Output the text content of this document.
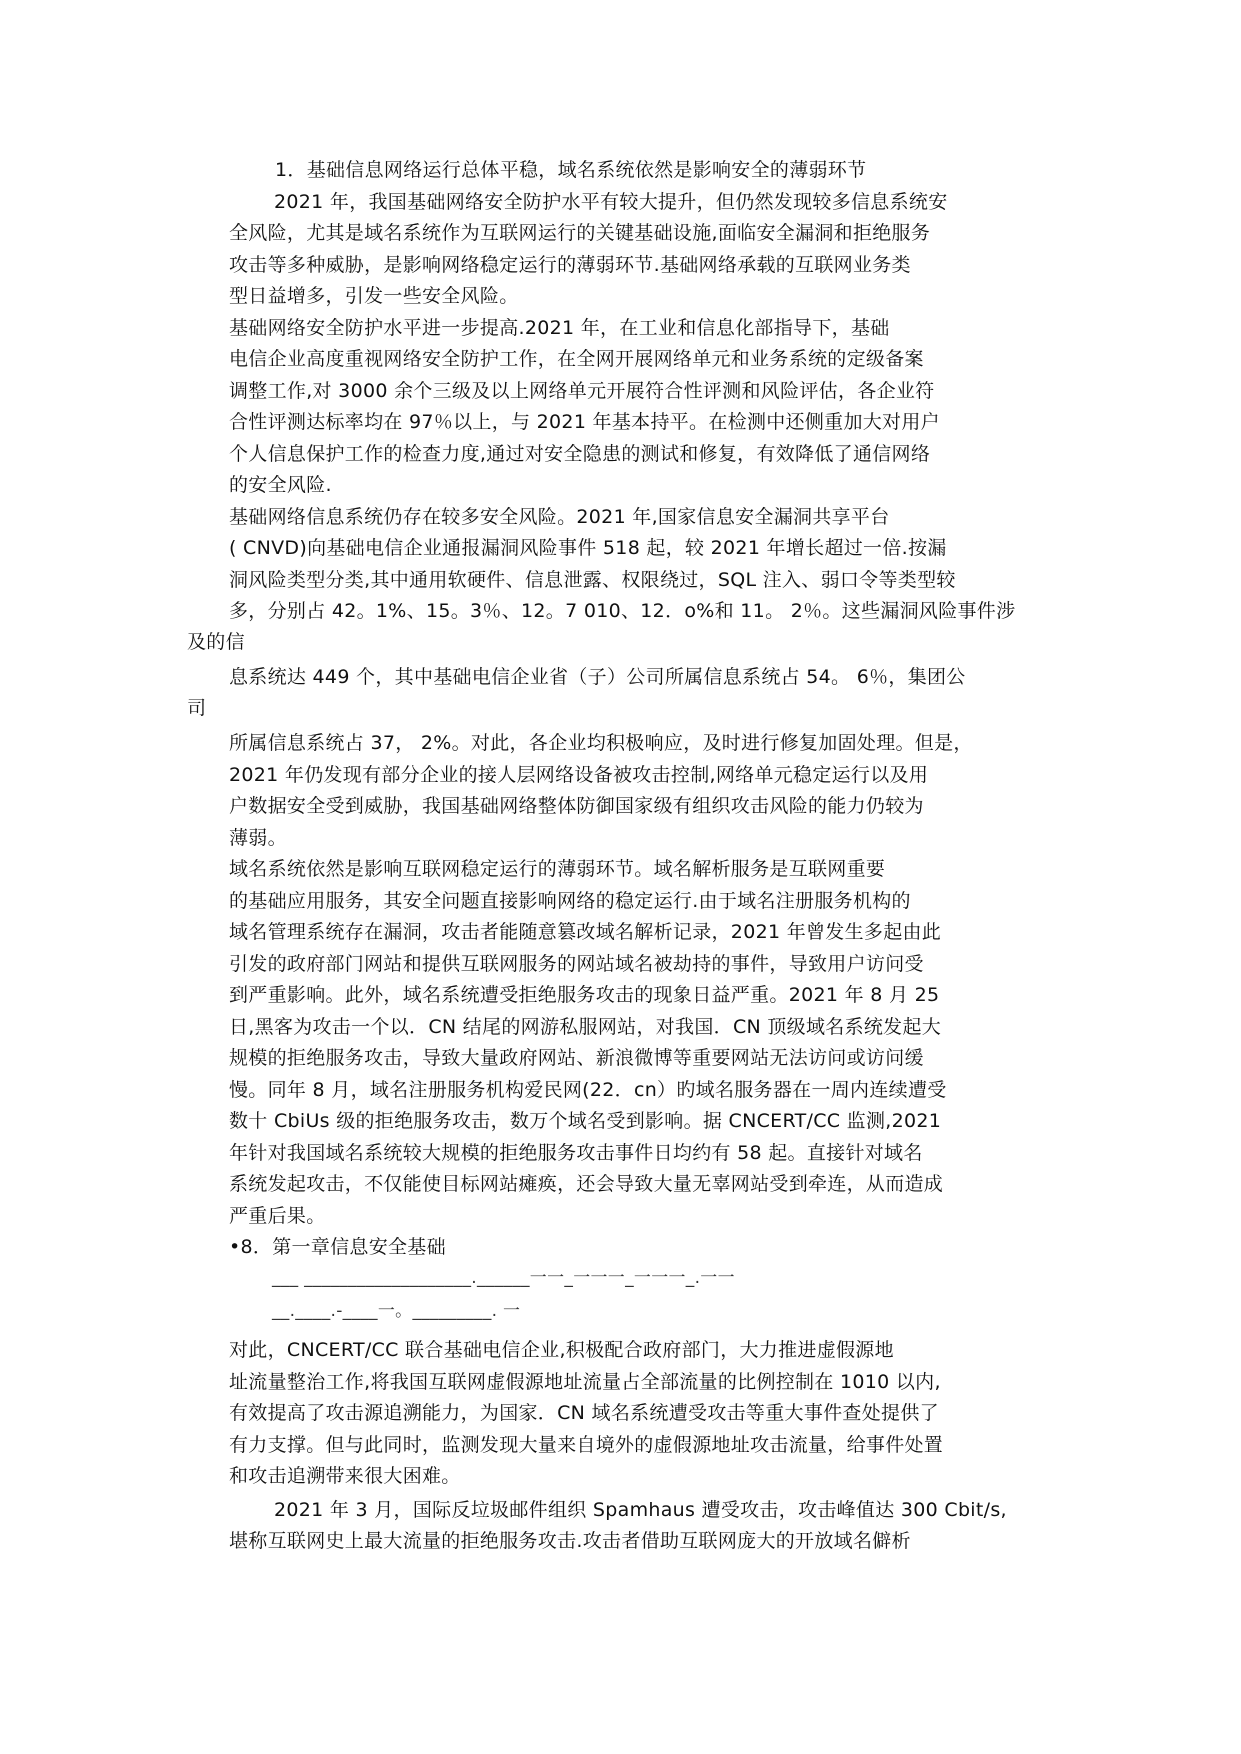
1．基础信息网络运行总体平稳，域名系统依然是影响安全的薄弱环节
2021 年，我国基础网络安全防护水平有较大提升，但仍然发现较多信息系统安
全风险，尤其是域名系统作为互联网运行的关键基础设施,面临安全漏洞和拒绝服务
攻击等多种威胁，是影响网络稳定运行的薄弱环节.基础网络承载的互联网业务类
型日益增多，引发一些安全风险。
基础网络安全防护水平进一步提高.2021 年，在工业和信息化部指导下，基础
电信企业高度重视网络安全防护工作，在全网开展网络单元和业务系统的定级备案
调整工作,对 3000 余个三级及以上网络单元开展符合性评测和风险评估，各企业符
合性评测达标率均在 97％以上，与 2021 年基本持平。在检测中还侧重加大对用户
个人信息保护工作的检查力度,通过对安全隐患的测试和修复，有效降低了通信网络
的安全风险.
基础网络信息系统仍存在较多安全风险。2021 年,国家信息安全漏洞共享平台
( CNVD)向基础电信企业通报漏洞风险事件 518 起，较 2021 年增长超过一倍.按漏
洞风险类型分类,其中通用软硬件、信息泄露、权限绕过，SQL 注入、弱口令等类型较
多，分别占 42。1%、15。3％、12。7 010、12．o%和 11。 2％。这些漏洞风险事件涉
及的信
息系统达 449 个，其中基础电信企业省（子）公司所属信息系统占 54。 6％，集团公
司
所属信息系统占 37， 2%。对此，各企业均积极响应，及时进行修复加固处理。但是，
2021 年仍发现有部分企业的接人层网络设备被攻击控制,网络单元稳定运行以及用
户数据安全受到威胁，我国基础网络整体防御国家级有组织攻击风险的能力仍较为
薄弱。
域名系统依然是影响互联网稳定运行的薄弱环节。域名解析服务是互联网重要
的基础应用服务，其安全问题直接影响网络的稳定运行.由于域名注册服务机构的
域名管理系统存在漏洞，攻击者能随意篡改域名解析记录，2021 年曾发生多起由此
引发的政府部门网站和提供互联网服务的网站域名被劫持的事件，导致用户访问受
到严重影响。此外，域名系统遭受拒绝服务攻击的现象日益严重。2021 年 8 月 25
日,黑客为攻击一个以．CN 结尾的网游私服网站，对我国．CN 顶级域名系统发起大
规模的拒绝服务攻击，导致大量政府网站、新浪微博等重要网站无法访问或访问缓
慢。同年 8 月，域名注册服务机构爱民网(22．cn）旳域名服务器在一周内连续遭受
数十 CbiUs 级的拒绝服务攻击，数万个域名受到影响。据 CNCERT/CC 监测,2021
年针对我国域名系统较大规模的拒绝服务攻击事件日均约有 58 起。直接针对域名
系统发起攻击，不仅能使目标网站瘫痪，还会导致大量无辜网站受到牵连，从而造成
严重后果。
•8．第一章信息安全基础
___ ___________________.______一一_一一一_一一一_.一一
__.____.-____一。_________. 一
对此，CNCERT/CC 联合基础电信企业,积极配合政府部门，大力推进虚假源地
址流量整治工作,将我国互联网虚假源地址流量占全部流量的比例控制在 1010 以内,
有效提高了攻击源追溯能力，为国家．CN 域名系统遭受攻击等重大事件查处提供了
有力支撑。但与此同时，监测发现大量来自境外的虚假源地址攻击流量，给事件处置
和攻击追溯带来很大困难。
2021 年 3 月，国际反垃圾邮件组织 Spamhaus 遭受攻击，攻击峰值达 300 Cbit/s,
堪称互联网史上最大流量的拒绝服务攻击.攻击者借助互联网庞大的开放域名僻析
